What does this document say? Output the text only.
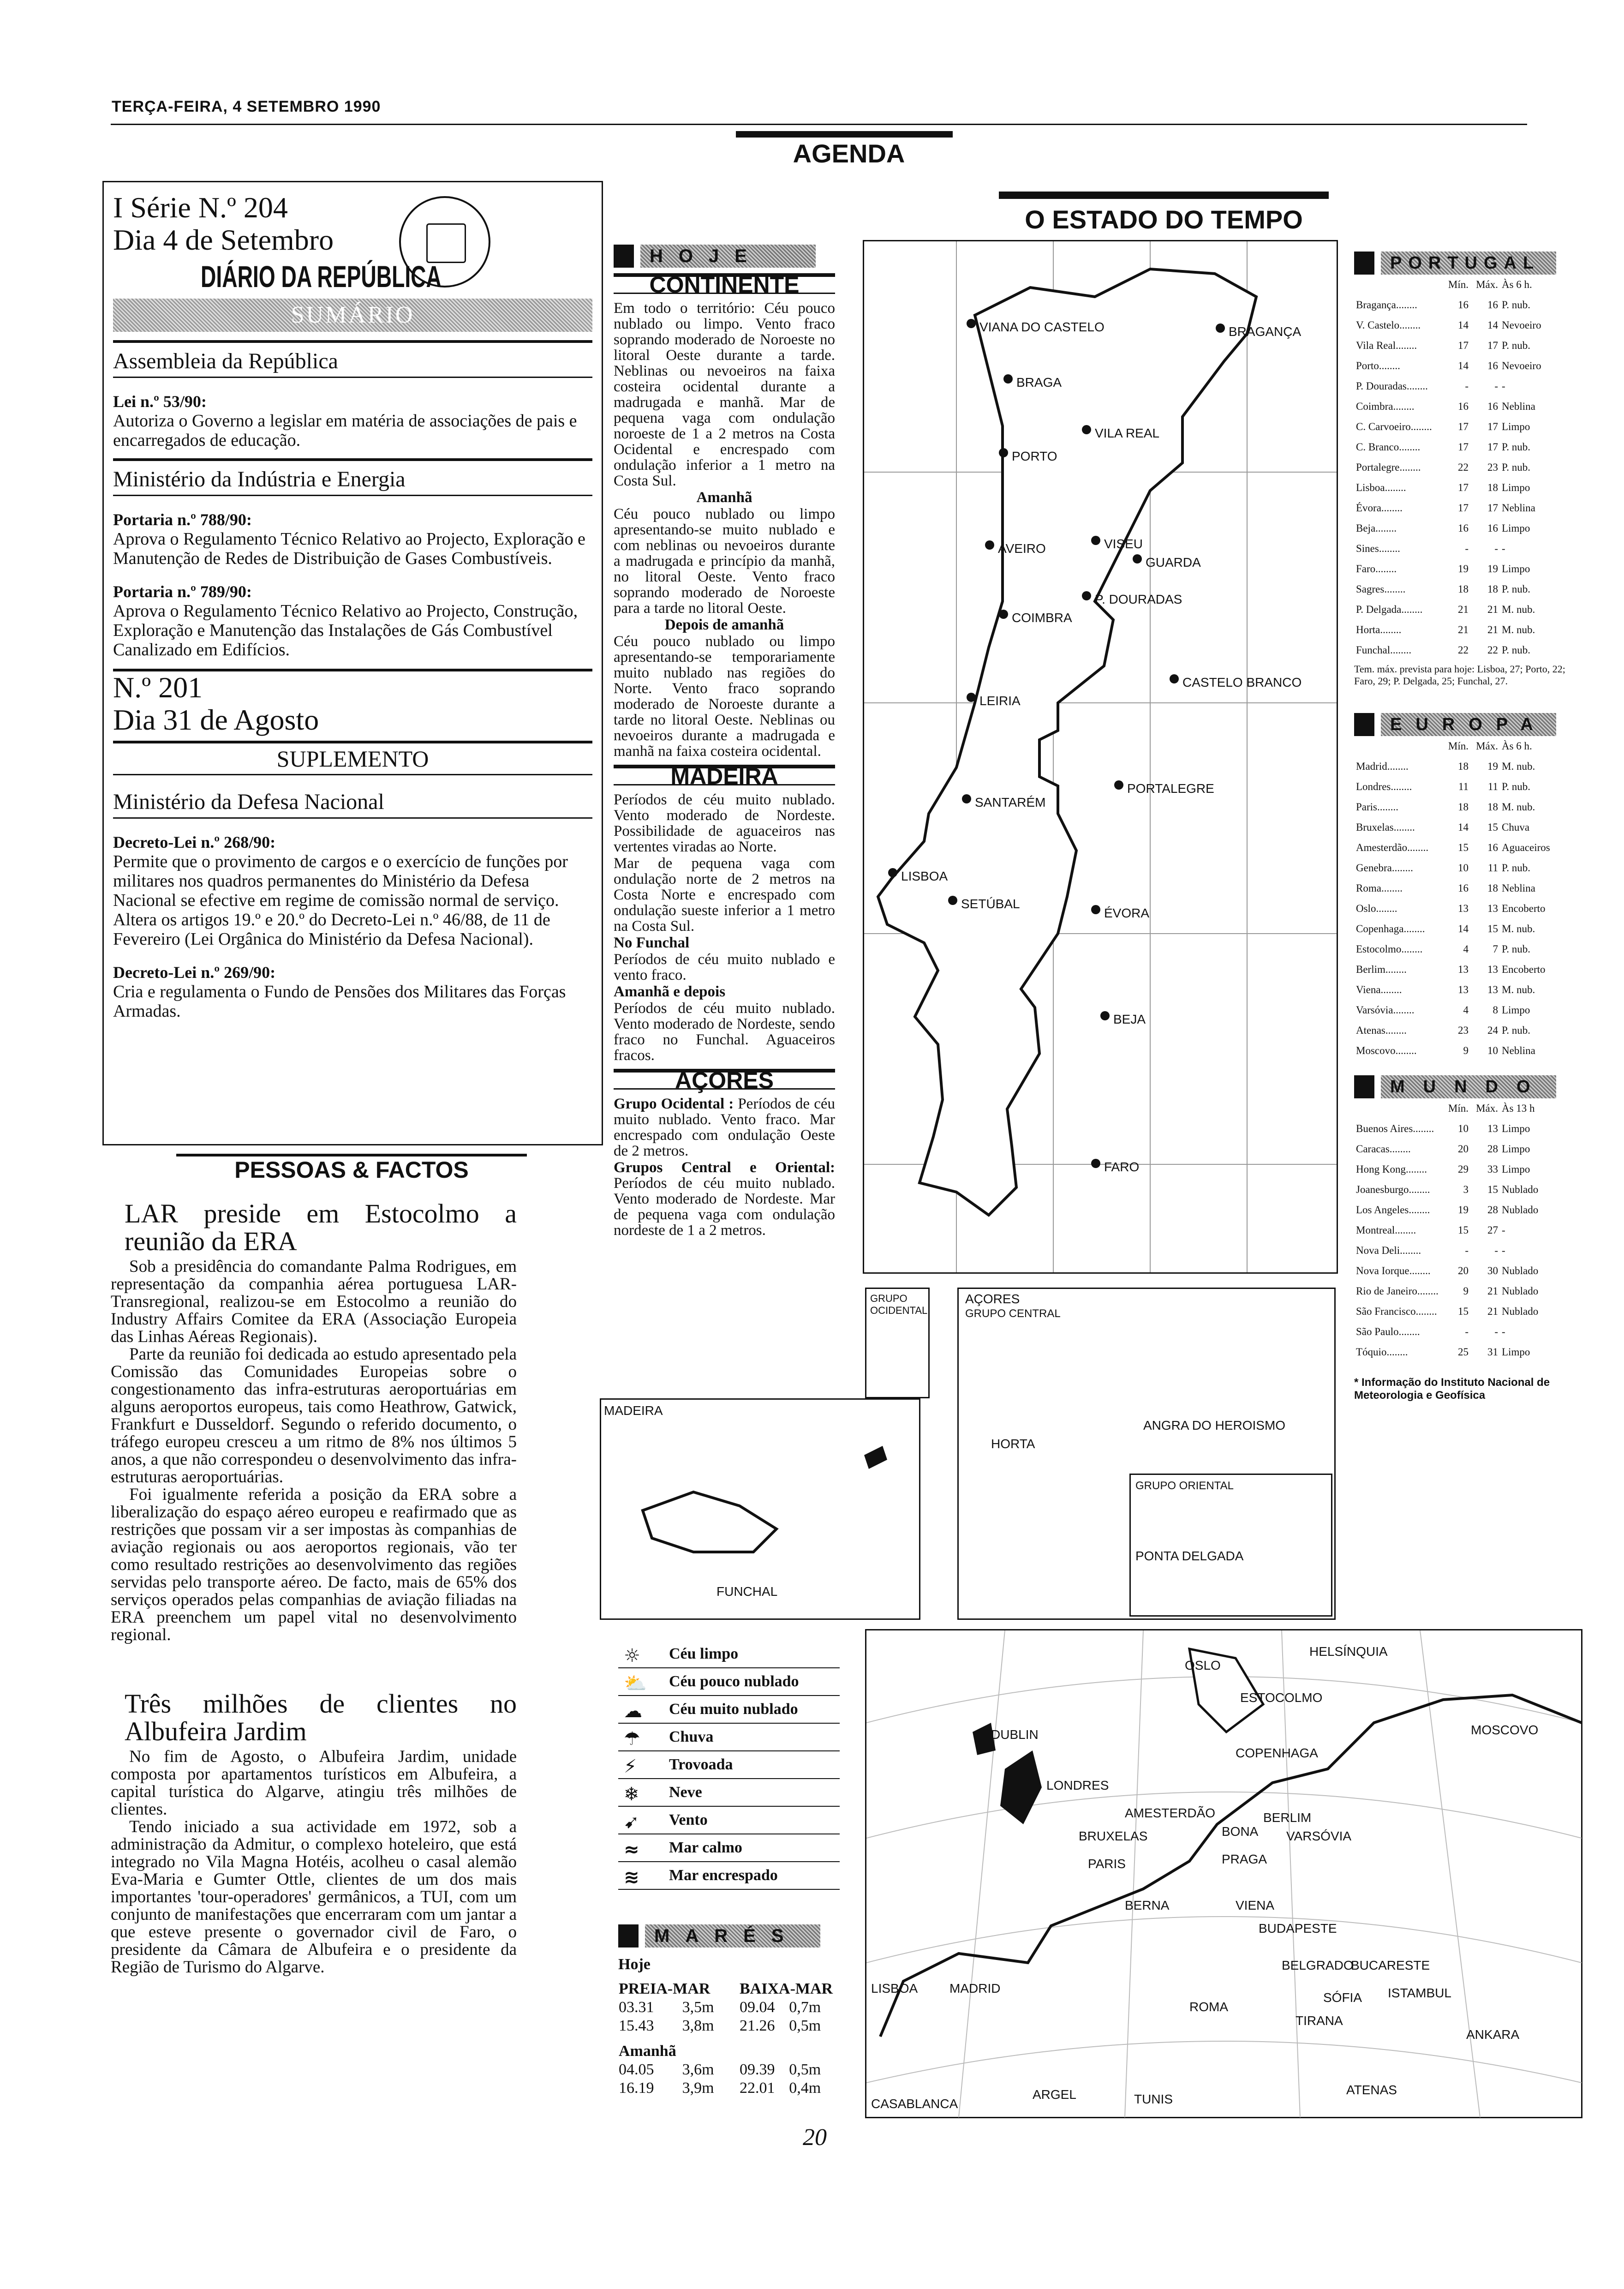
TERÇA-FEIRA, 4 SETEMBRO 1990
AGENDA
I Série N.º 204
Dia 4 de Setembro
DIÁRIO DA REPÚBLICA
SUMÁRIO
Assembleia da República
Lei n.º 53/90:
Autoriza o Governo a legislar em matéria de associações de pais e encarregados de educação.
Ministério da Indústria e Energia
Portaria n.º 788/90:
Aprova o Regulamento Técnico Relativo ao Projecto, Exploração e Manutenção de Redes de Distribuição de Gases Combustíveis.
Portaria n.º 789/90:
Aprova o Regulamento Técnico Relativo ao Projecto, Construção, Exploração e Manutenção das Instalações de Gás Combustível Canalizado em Edifícios.
N.º 201
Dia 31 de Agosto
SUPLEMENTO
Ministério da Defesa Nacional
Decreto-Lei n.º 268/90:
Permite que o provimento de cargos e o exercício de funções por militares nos quadros permanentes do Ministério da Defesa Nacional se efective em regime de comissão normal de serviço. Altera os artigos 19.º e 20.º do Decreto-Lei n.º 46/88, de 11 de Fevereiro (Lei Orgânica do Ministério da Defesa Nacional).
Decreto-Lei n.º 269/90:
Cria e regulamenta o Fundo de Pensões dos Militares das Forças Armadas.
PESSOAS & FACTOS
LAR preside em Estocolmo a reunião da ERA

Sob a presidência do comandante Palma Rodrigues, em representação da companhia aérea portuguesa LAR-Transregional, realizou-se em Estocolmo a reunião do Industry Affairs Comitee da ERA (Associação Europeia das Linhas Aéreas Regionais).

Parte da reunião foi dedicada ao estudo apresentado pela Comissão das Comunidades Europeias sobre o congestionamento das infra-estruturas aeroportuárias em alguns aeroportos europeus, tais como Heathrow, Gatwick, Frankfurt e Dusseldorf. Segundo o referido documento, o tráfego europeu cresceu a um ritmo de 8% nos últimos 5 anos, a que não correspondeu o desenvolvimento das infra-estruturas aeroportuárias.

Foi igualmente referida a posição da ERA sobre a liberalização do espaço aéreo europeu e reafirmado que as restrições que possam vir a ser impostas às companhias de aviação regionais ou aos aeroportos regionais, vão ter como resultado restrições ao desenvolvimento das regiões servidas pelo transporte aéreo. De facto, mais de 65% dos serviços operados pelas companhias de aviação filiadas na ERA preenchem um papel vital no desenvolvimento regional.

Três milhões de clientes no Albufeira Jardim

No fim de Agosto, o Albufeira Jardim, unidade composta por apartamentos turísticos em Albufeira, a capital turística do Algarve, atingiu três milhões de clientes.

Tendo iniciado a sua actividade em 1972, sob a administração da Admitur, o complexo hoteleiro, que está integrado no Vila Magna Hotéis, acolheu o casal alemão Eva-Maria e Gumter Ottle, clientes de um dos mais importantes 'tour-operadores' germânicos, a TUI, com um conjunto de manifestações que encerraram com um jantar a que esteve presente o governador civil de Faro, o presidente da Câmara de Albufeira e o presidente da Região de Turismo do Algarve.

HOJE
CONTINENTE

Em todo o território: Céu pouco nublado ou limpo. Vento fraco soprando moderado de Noroeste no litoral Oeste durante a tarde. Neblinas ou nevoeiros na faixa costeira ocidental durante a madrugada e manhã. Mar de pequena vaga com ondulação noroeste de 1 a 2 metros na Costa Ocidental e encrespado com ondulação inferior a 1 metro na Costa Sul.

Amanhã

Céu pouco nublado ou limpo apresentando-se muito nublado e com neblinas ou nevoeiros durante a madrugada e princípio da manhã, no litoral Oeste. Vento fraco soprando moderado de Noroeste para a tarde no litoral Oeste.

Depois de amanhã

Céu pouco nublado ou limpo apresentando-se temporariamente muito nublado nas regiões do Norte. Vento fraco soprando moderado de Noroeste durante a tarde no litoral Oeste. Neblinas ou nevoeiros durante a madrugada e manhã na faixa costeira ocidental.

MADEIRA

Períodos de céu muito nublado. Vento moderado de Nordeste. Possibilidade de aguaceiros nas vertentes viradas ao Norte.

Mar de pequena vaga com ondulação norte de 2 metros na Costa Norte e encrespado com ondulação sueste inferior a 1 metro na Costa Sul.

No Funchal

Períodos de céu muito nublado e vento fraco.

Amanhã e depois

Períodos de céu muito nublado. Vento moderado de Nordeste, sendo fraco no Funchal. Aguaceiros fracos.

AÇORES

Grupo Ocidental : Períodos de céu muito nublado. Vento fraco. Mar encrespado com ondulação Oeste de 2 metros.

Grupos Central e Oriental: Períodos de céu muito nublado. Vento moderado de Nordeste. Mar de pequena vaga com ondulação nordeste de 1 a 2 metros.

O ESTADO DO TEMPO
VIANA DO CASTELO
BRAGA
BRAGANÇA
VILA REAL
PORTO
AVEIRO	VISEU
GUARDA
P. DOURADAS
COIMBRA
LEIRIA
CASTELO BRANCO
SANTARÉM
PORTALEGRE
LISBOA
SETÚBAL
ÉVORA
BEJA
FARO
MADEIRA
FUNCHAL
GRUPO OCIDENTAL
AÇORES
GRUPO CENTRAL
HORTA
ANGRA DO HEROISMO
GRUPO ORIENTAL
PONTA DELGADA
HELSÍNQUIA
OSLO
ESTOCOLMO
DUBLIN
COPENHAGA
MOSCOVO
LONDRES
AMESTERDÃO	BERLIM
BRUXELAS	BONA VARSÓVIA
PARIS	PRAGA
BERNA	VIENA
BUDAPESTE
BELGRADO
BUCARESTE
LISBOA MADRID
ROMA
SÓFIA ISTAMBUL
TIRANA
ANKARA
CASABLANCA
ARGEL	TUNIS
ATENAS
☼ Céu limpo
⛅ Céu pouco nublado
☁ Céu muito nublado
☂ Chuva
⚡ Trovoada
❄ Neve
➹ Vento
≈ Mar calmo
≋ Mar encrespado
MARÉS
Hoje
PREIA-MAR		BAIXA-MAR	
03.31	3,5m	09.04	0,7m
15.43	3,8m	21.26	0,5m
Amanhã			
04.05	3,6m	09.39	0,5m
16.19	3,9m	22.01	0,4m
PORTUGAL
	Mín.	Máx.	Às 6 h.
Bragança........	16	16	P. nub.
V. Castelo........	14	14	Nevoeiro
Vila Real........	17	17	P. nub.
Porto........	14	16	Nevoeiro
P. Douradas........	-	-	-
Coimbra........	16	16	Neblina
C. Carvoeiro........	17	17	Limpo
C. Branco........	17	17	P. nub.
Portalegre........	22	23	P. nub.
Lisboa........	17	18	Limpo
Évora........	17	17	Neblina
Beja........	16	16	Limpo
Sines........	-	-	-
Faro........	19	19	Limpo
Sagres........	18	18	P. nub.
P. Delgada........	21	21	M. nub.
Horta........	21	21	M. nub.
Funchal........	22	22	P. nub.
Tem. máx. prevista para hoje: Lisboa, 27; Porto, 22; Faro, 29; P. Delgada, 25; Funchal, 27.
EUROPA
	Mín.	Máx.	Às 6 h.
Madrid........	18	19	M. nub.
Londres........	11	11	P. nub.
Paris........	18	18	M. nub.
Bruxelas........	14	15	Chuva
Amesterdão........	15	16	Aguaceiros
Genebra........	10	11	P. nub.
Roma........	16	18	Neblina
Oslo........	13	13	Encoberto
Copenhaga........	14	15	M. nub.
Estocolmo........	4	7	P. nub.
Berlim........	13	13	Encoberto
Viena........	13	13	M. nub.
Varsóvia........	4	8	Limpo
Atenas........	23	24	P. nub.
Moscovo........	9	10	Neblina
MUNDO
	Mín.	Máx.	Às 13 h
Buenos Aires........	10	13	Limpo
Caracas........	20	28	Limpo
Hong Kong........	29	33	Limpo
Joanesburgo........	3	15	Nublado
Los Angeles........	19	28	Nublado
Montreal........	15	27	-
Nova Deli........	-	-	-
Nova Iorque........	20	30	Nublado
Rio de Janeiro........	9	21	Nublado
São Francisco........	15	21	Nublado
São Paulo........	-	-	-
Tóquio........	25	31	Limpo
* Informação do Instituto Nacional de Meteorologia e Geofísica
20
